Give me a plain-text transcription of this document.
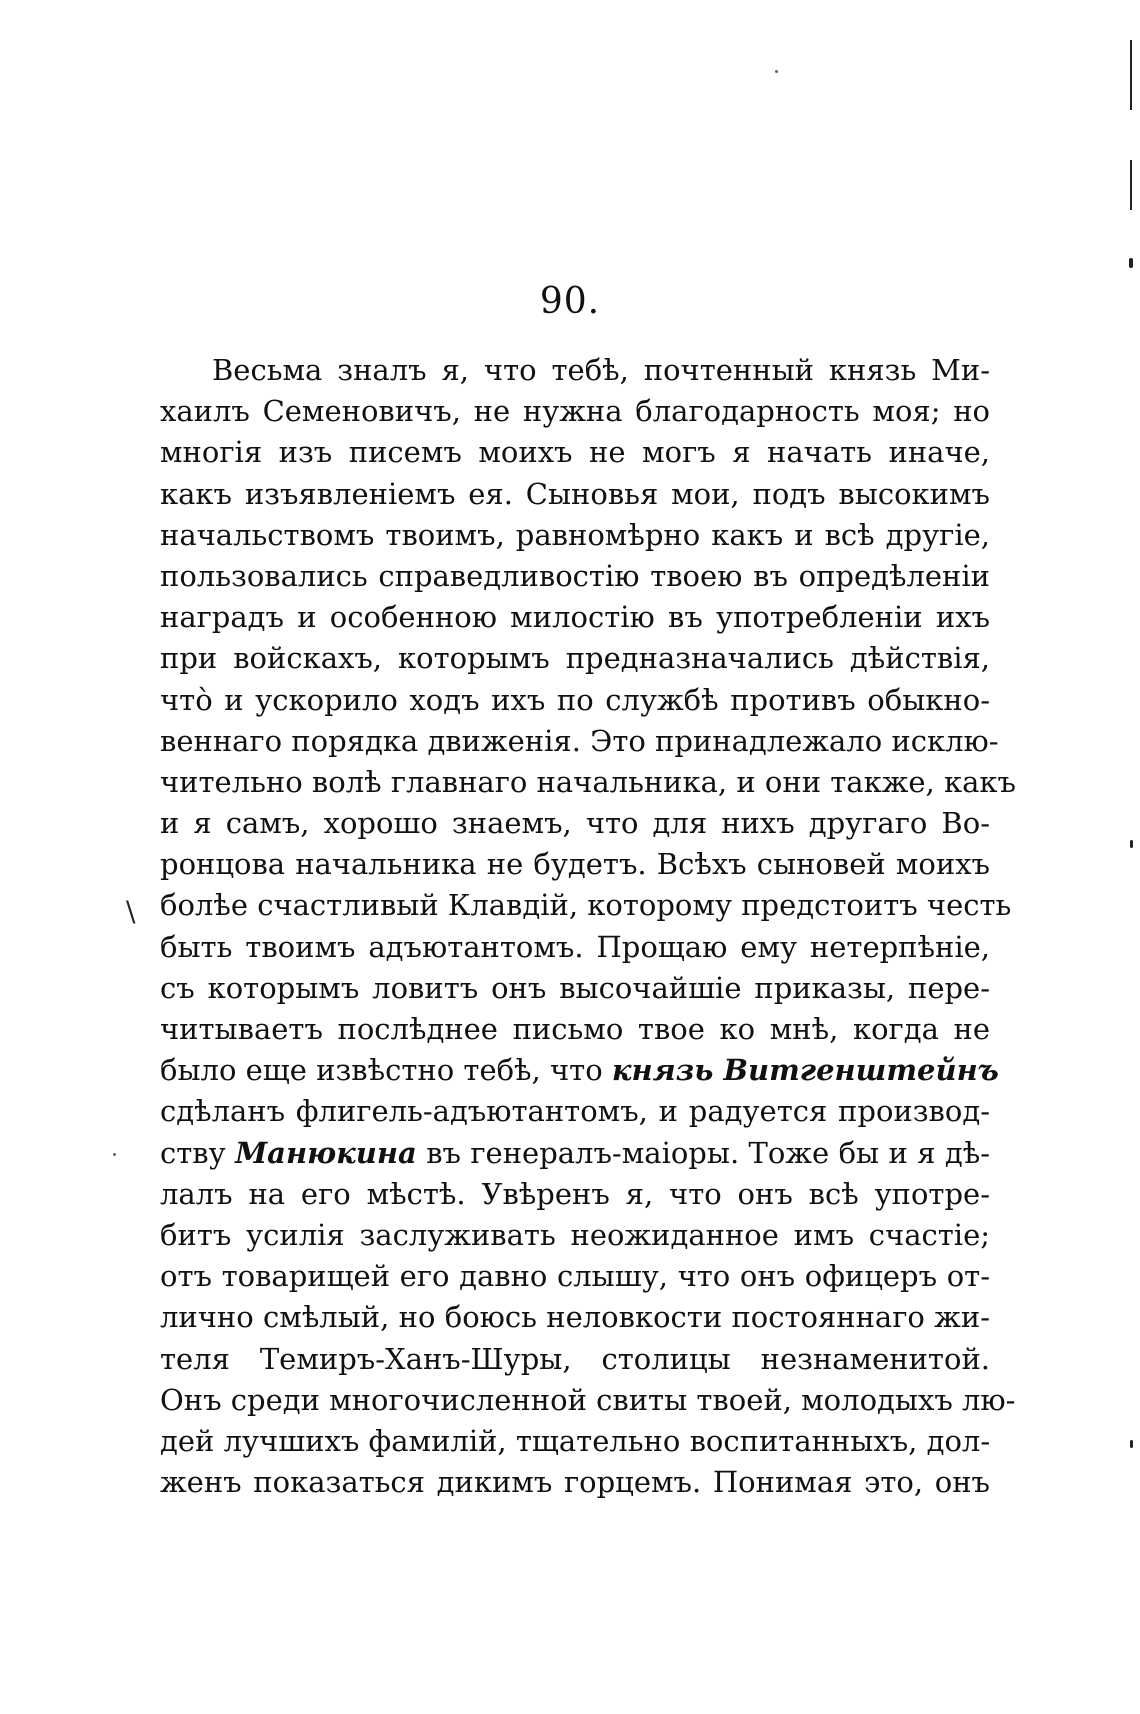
90.
Весьма зналъ я, что тебѣ, почтенный князь Ми-
хаилъ Семеновичъ, не нужна благодарность моя; но
многія изъ писемъ моихъ не могъ я начать иначе,
какъ изъявленіемъ ея. Сыновья мои, подъ высокимъ
начальствомъ твоимъ, равномѣрно какъ и всѣ другіе,
пользовались справедливостію твоею въ опредѣленіи
наградъ и особенною милостію въ употребленіи ихъ
при войскахъ, которымъ предназначались дѣйствія,
что̀ и ускорило ходъ ихъ по службѣ противъ обыкно-
веннаго порядка движенія. Это принадлежало исклю-
чительно волѣ главнаго начальника, и они также, какъ
и я самъ, хорошо знаемъ, что для нихъ другаго Во-
ронцова начальника не будетъ. Всѣхъ сыновей моихъ
болѣе счастливый Клавдій, которому предстоитъ честь
быть твоимъ адъютантомъ. Прощаю ему нетерпѣніе,
съ которымъ ловитъ онъ высочайшіе приказы, пере-
читываетъ послѣднее письмо твое ко мнѣ, когда не
было еще извѣстно тебѣ, что князь Витгенштейнъ
сдѣланъ флигель-адъютантомъ, и радуется производ-
ству Манюкина въ генералъ-маіоры. Тоже бы и я дѣ-
лалъ на его мѣстѣ. Увѣренъ я, что онъ всѣ употре-
битъ усилія заслуживать неожиданное имъ счастіе;
отъ товарищей его давно слышу, что онъ офицеръ от-
лично смѣлый, но боюсь неловкости постояннаго жи-
теля Темиръ-Ханъ-Шуры, столицы незнаменитой.
Онъ среди многочисленной свиты твоей, молодыхъ лю-
дей лучшихъ фамилій, тщательно воспитанныхъ, дол-
женъ показаться дикимъ горцемъ. Понимая это, онъ
\
